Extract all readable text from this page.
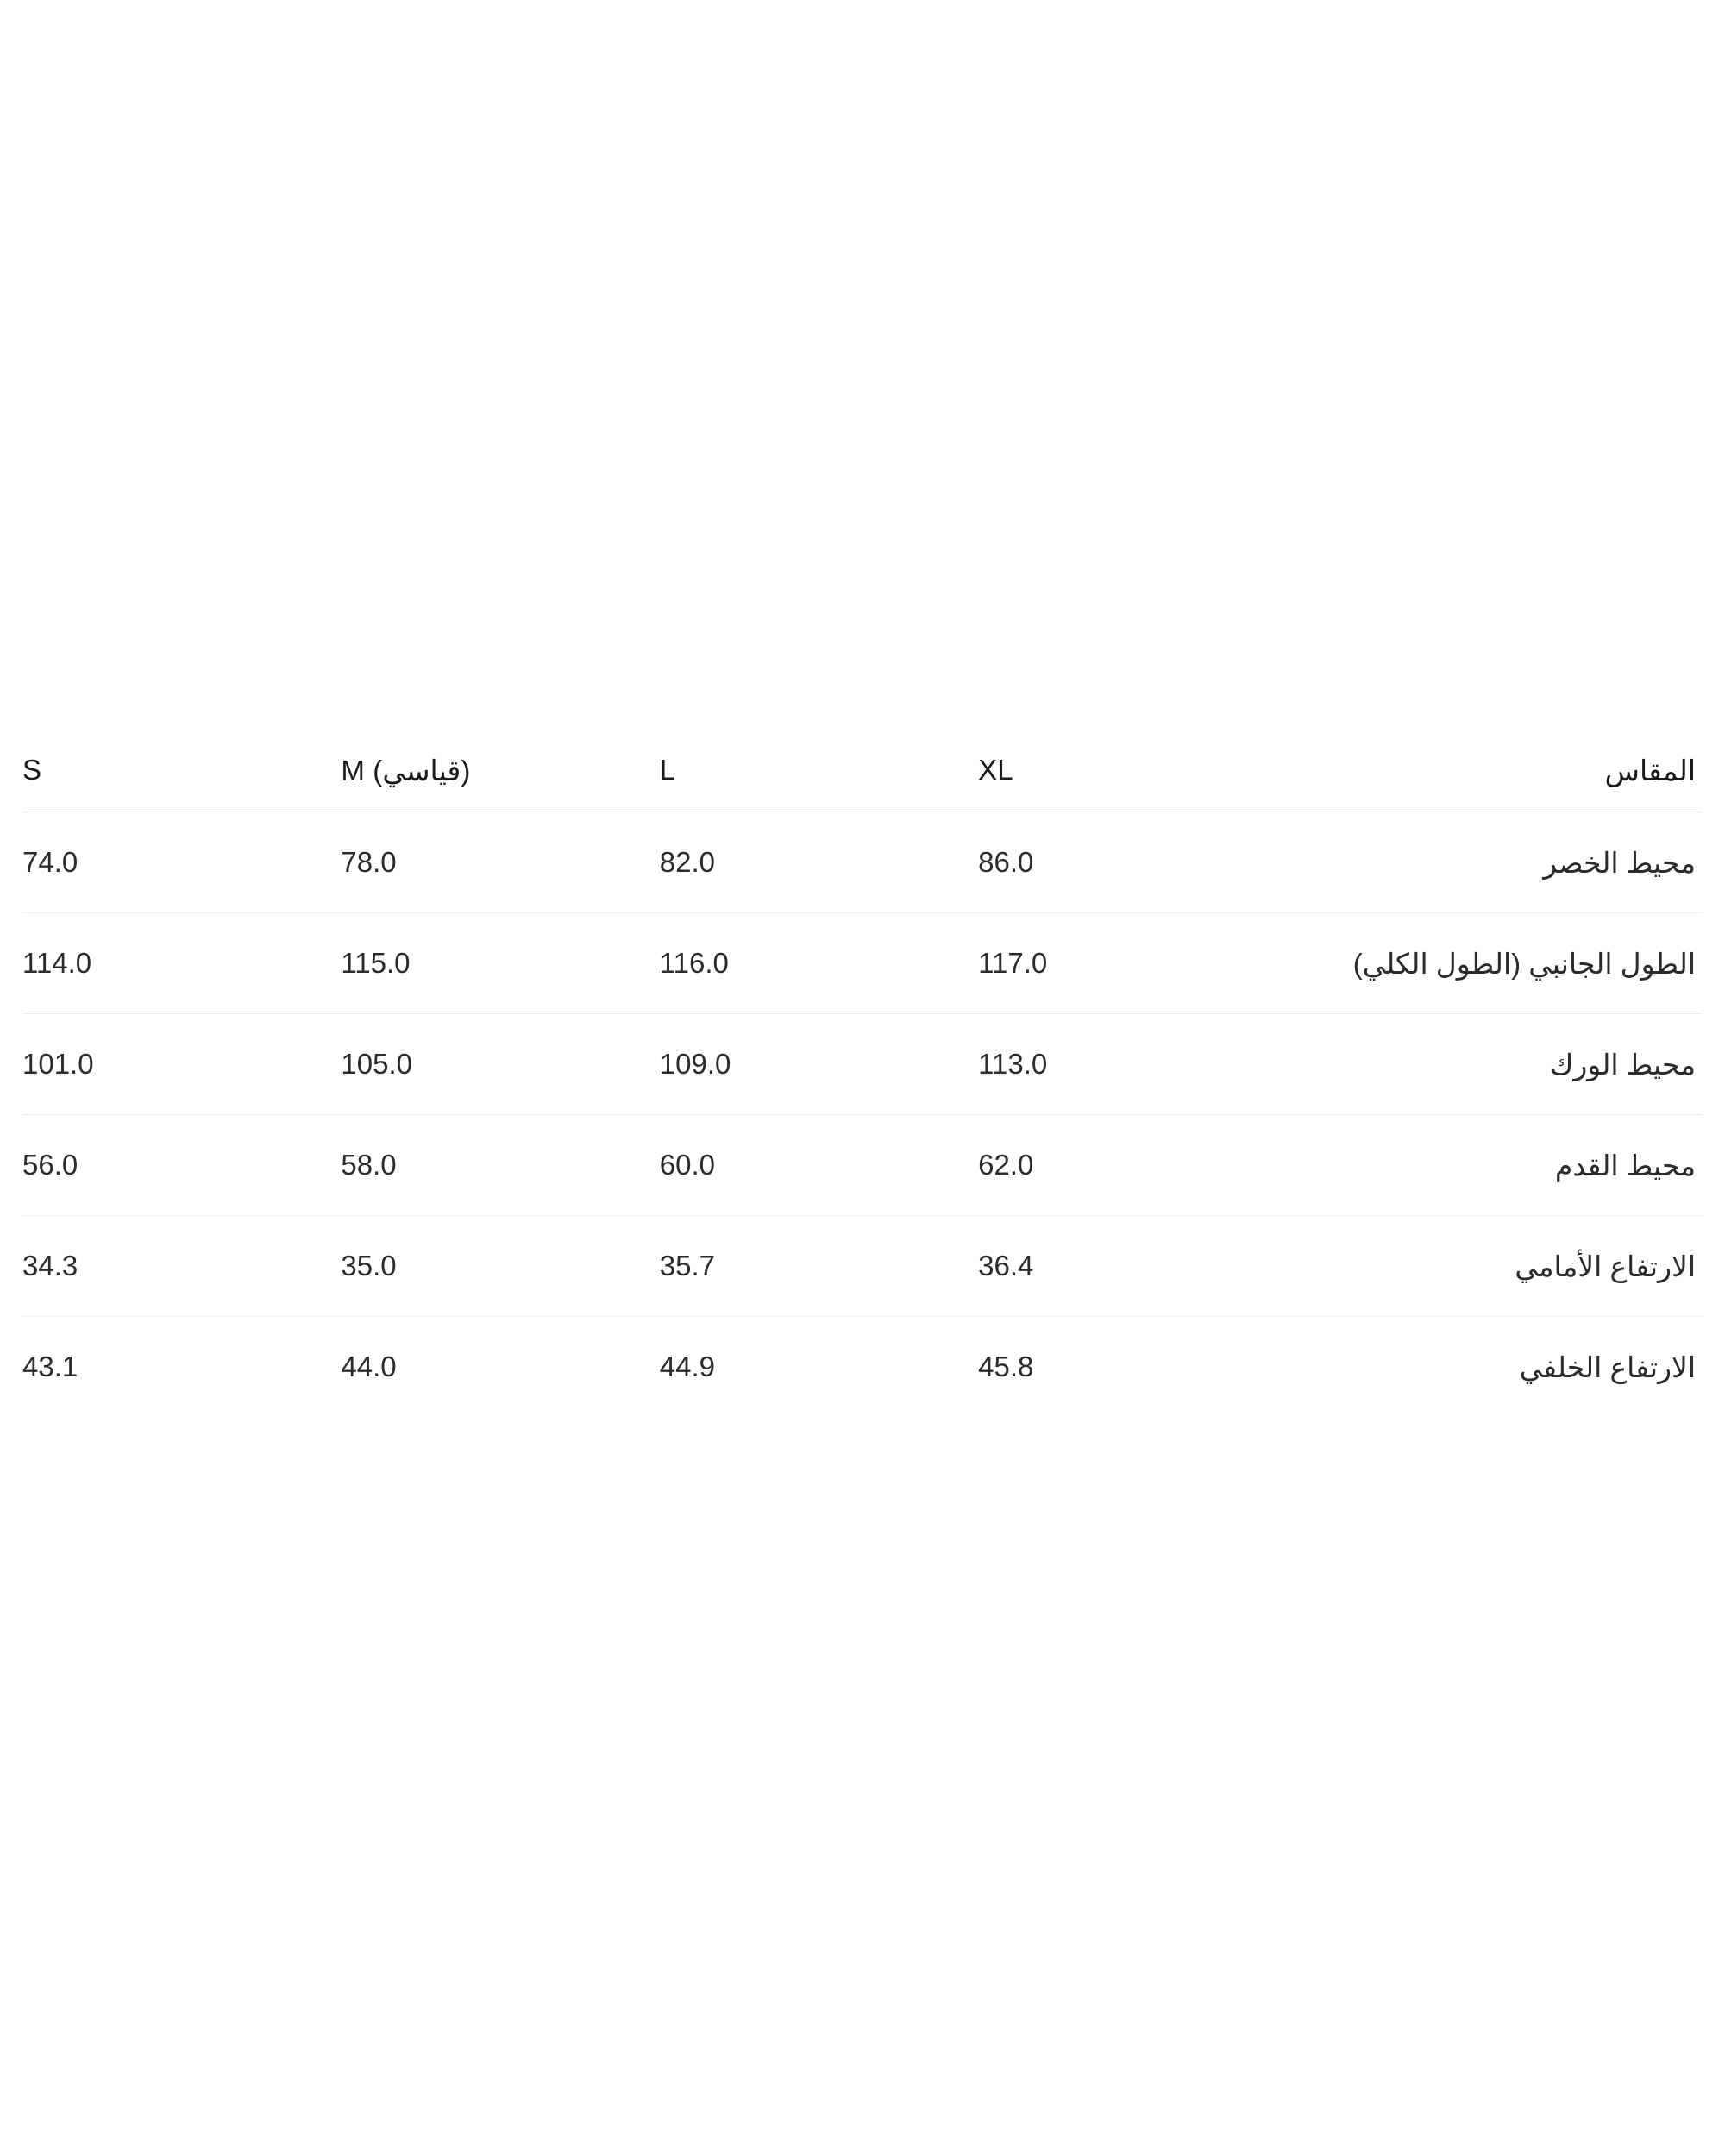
المقاس	XL	L	M (قياسي)	S

محيط الخصر	86.0	82.0	78.0	74.0

الطول الجانبي (الطول الكلي)	117.0	116.0	115.0	114.0

محيط الورك	113.0	109.0	105.0	101.0

محيط القدم	62.0	60.0	58.0	56.0

الارتفاع الأمامي	36.4	35.7	35.0	34.3

الارتفاع الخلفي	45.8	44.9	44.0	43.1
